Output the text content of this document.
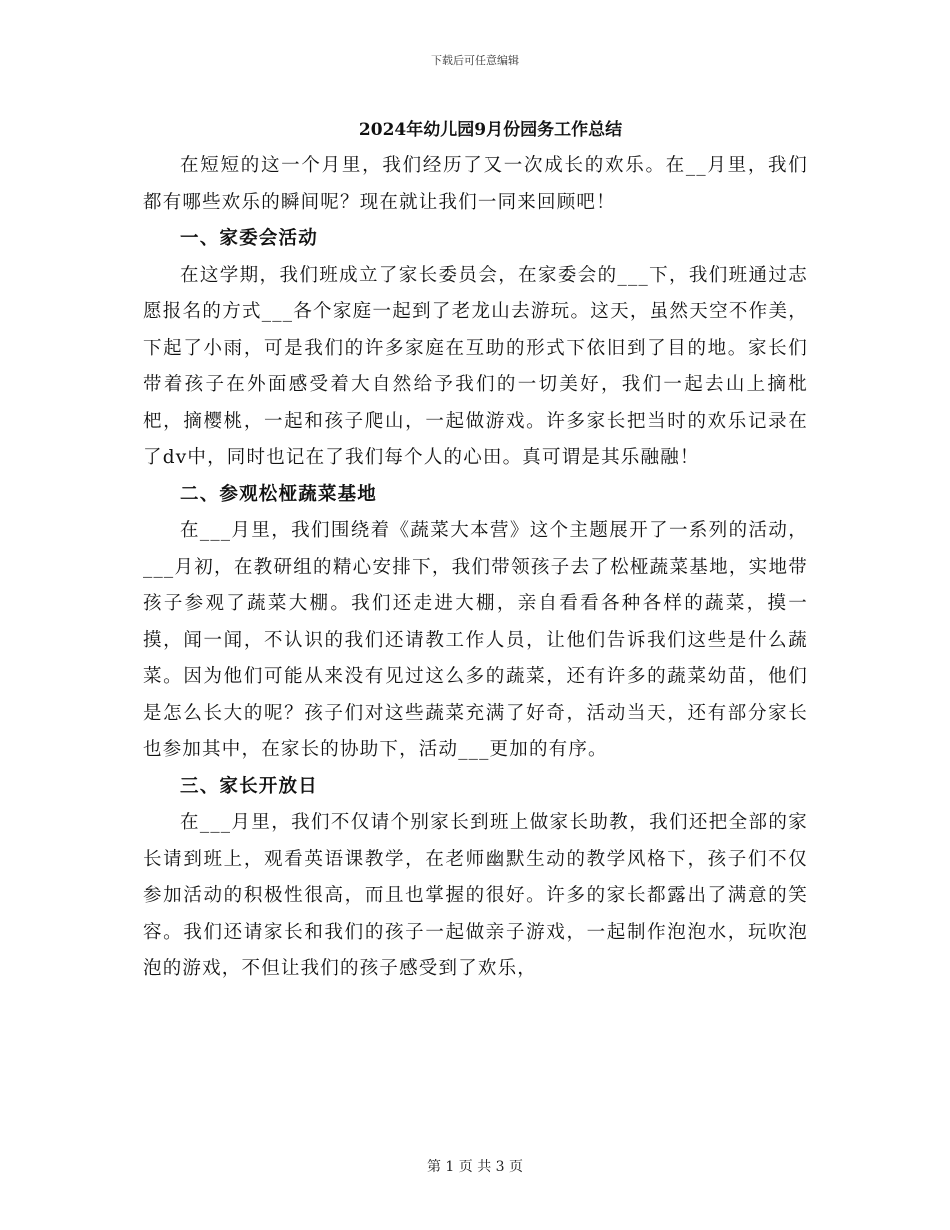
下载后可任意编辑
2024年幼儿园9月份园务工作总结

在短短的这一个月里，我们经历了又一次成长的欢乐。在__月里，我们都有哪些欢乐的瞬间呢？现在就让我们一同来回顾吧！

一、家委会活动

在这学期，我们班成立了家长委员会，在家委会的___下，我们班通过志愿报名的方式___各个家庭一起到了老龙山去游玩。这天，虽然天空不作美，下起了小雨，可是我们的许多家庭在互助的形式下依旧到了目的地。家长们带着孩子在外面感受着大自然给予我们的一切美好，我们一起去山上摘枇杷，摘樱桃，一起和孩子爬山，一起做游戏。许多家长把当时的欢乐记录在了dv中，同时也记在了我们每个人的心田。真可谓是其乐融融！

二、参观松桠蔬菜基地

在___月里，我们围绕着《蔬菜大本营》这个主题展开了一系列的活动，___月初，在教研组的精心安排下，我们带领孩子去了松桠蔬菜基地，实地带孩子参观了蔬菜大棚。我们还走进大棚，亲自看看各种各样的蔬菜，摸一摸，闻一闻，不认识的我们还请教工作人员，让他们告诉我们这些是什么蔬菜。因为他们可能从来没有见过这么多的蔬菜，还有许多的蔬菜幼苗，他们是怎么长大的呢？孩子们对这些蔬菜充满了好奇，活动当天，还有部分家长也参加其中，在家长的协助下，活动___更加的有序。

三、家长开放日

在___月里，我们不仅请个别家长到班上做家长助教，我们还把全部的家长请到班上，观看英语课教学，在老师幽默生动的教学风格下，孩子们不仅参加活动的积极性很高，而且也掌握的很好。许多的家长都露出了满意的笑容。我们还请家长和我们的孩子一起做亲子游戏，一起制作泡泡水，玩吹泡泡的游戏，不但让我们的孩子感受到了欢乐，

第 1 页 共 3 页
